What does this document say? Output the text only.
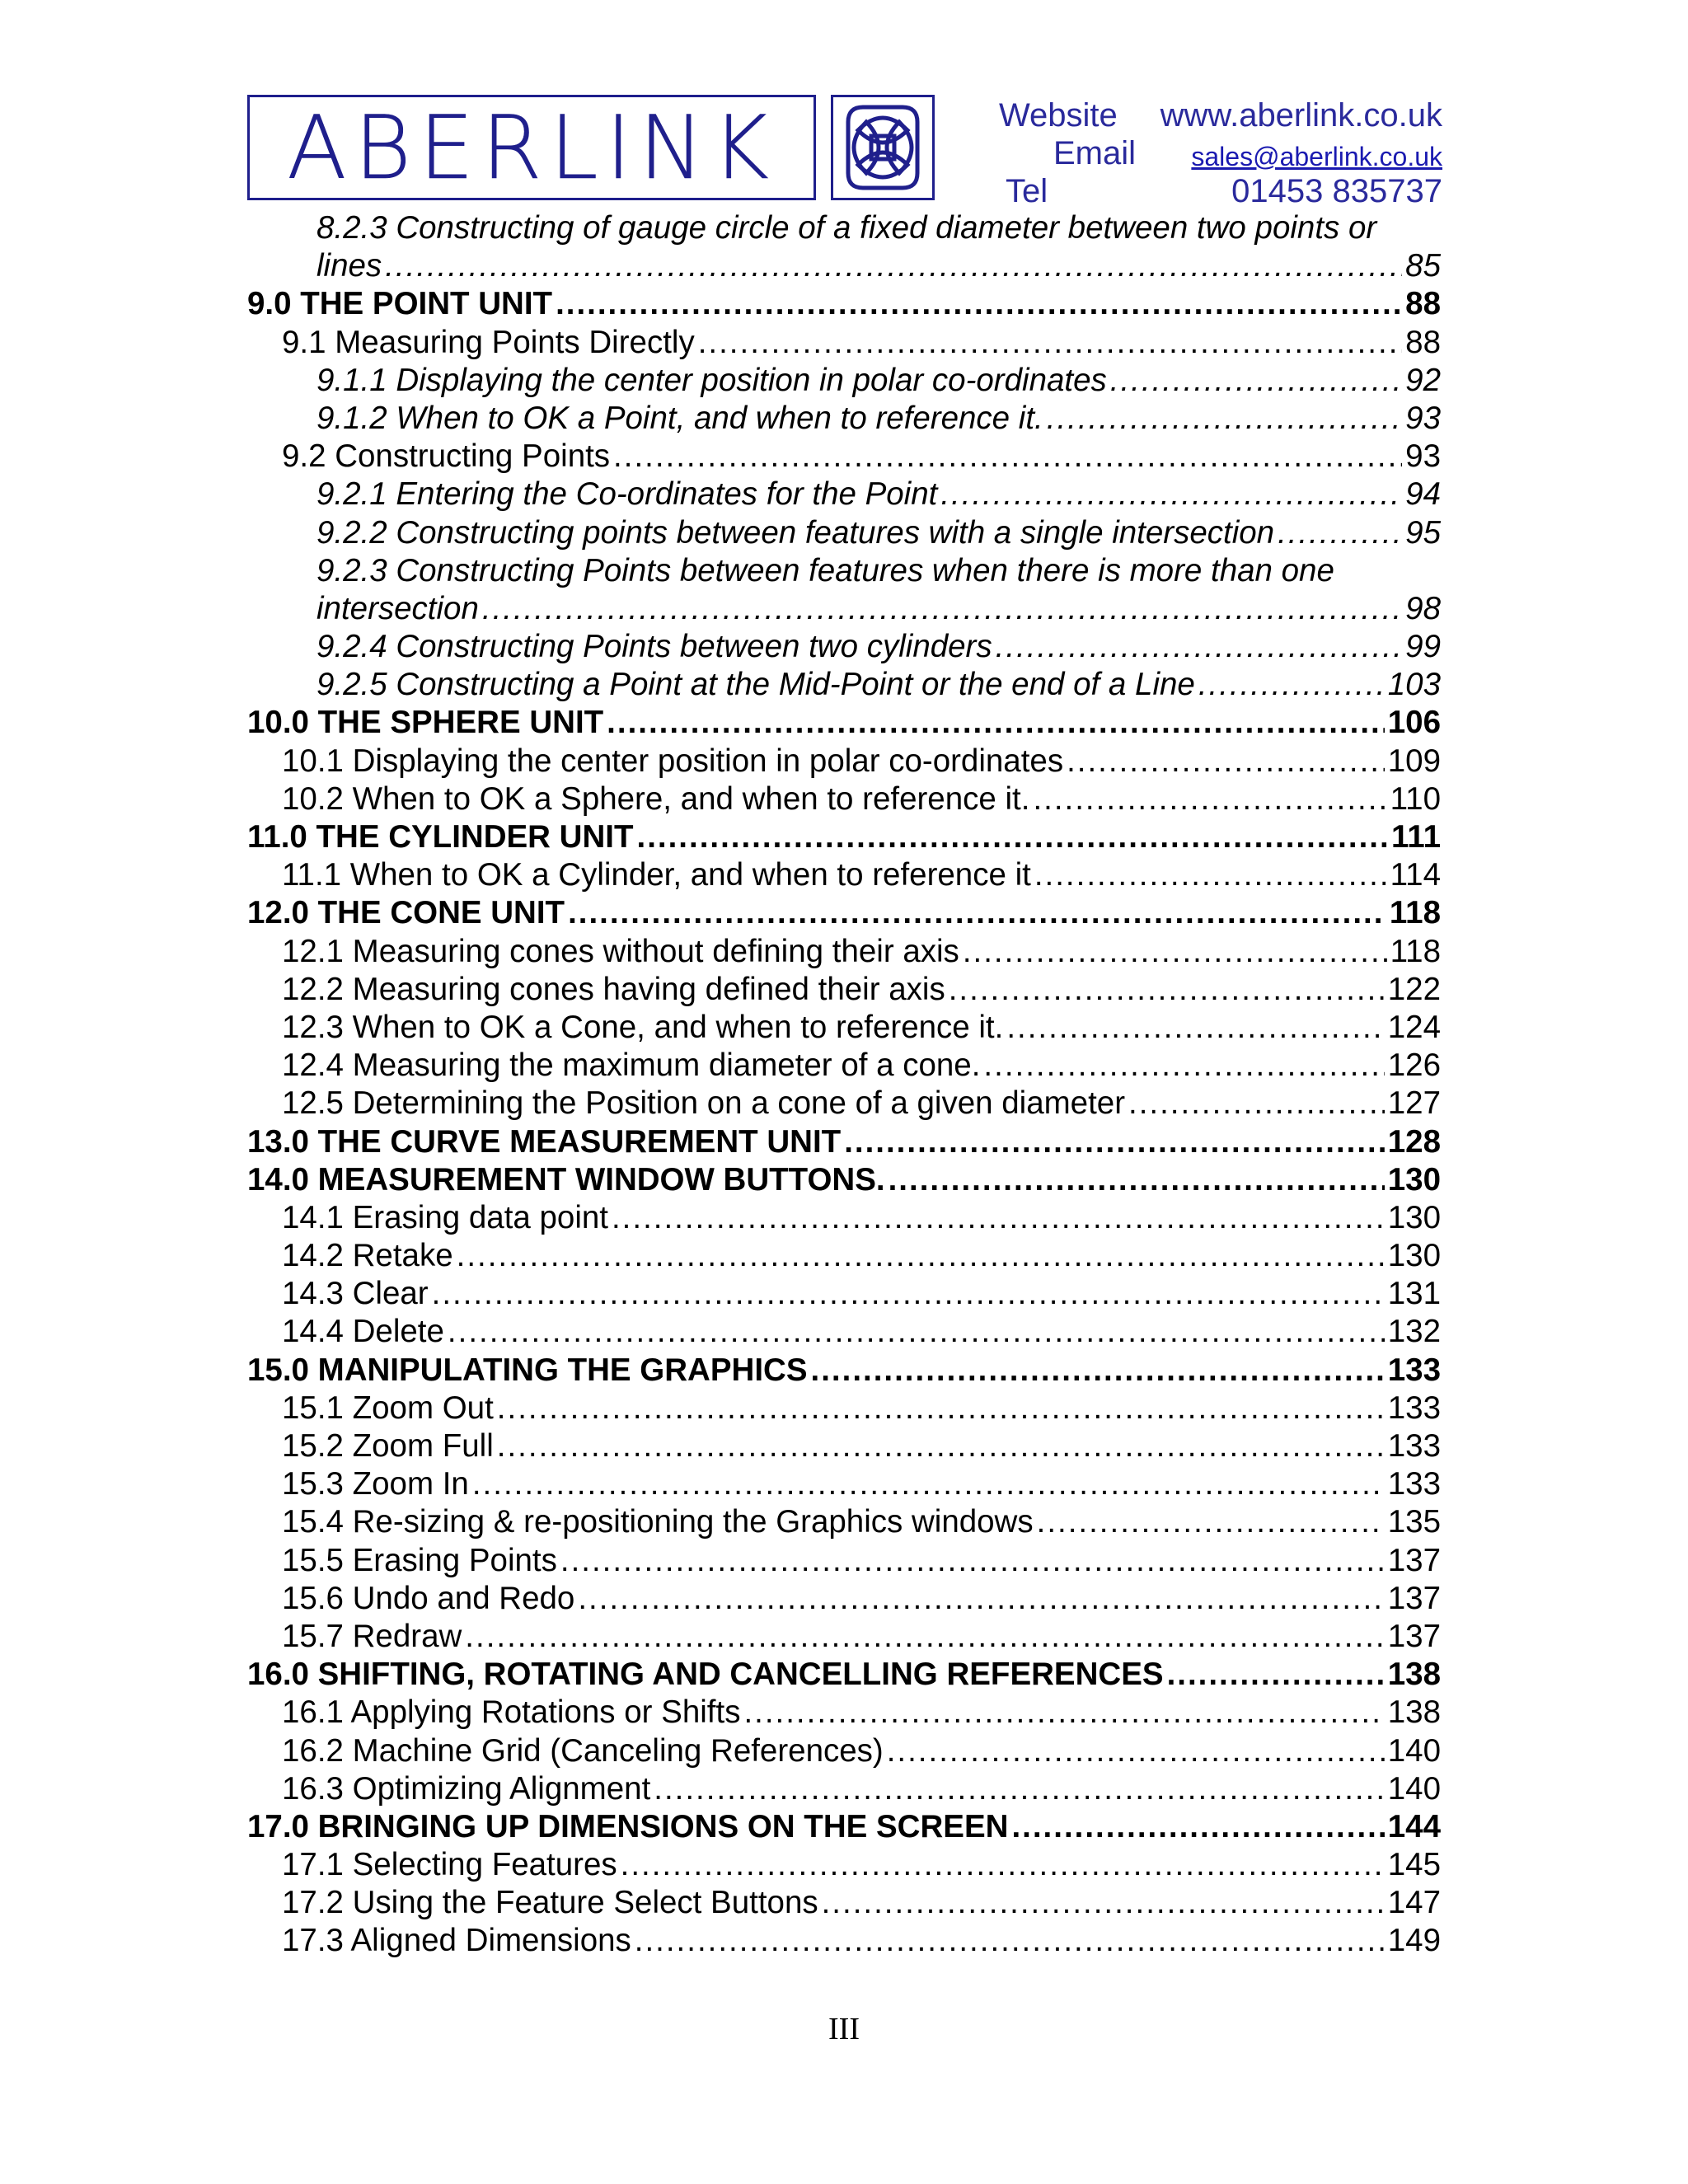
ABERLINK	Website www.aberlink.co.uk
Email sales@aberlink.co.uk
Tel	01453 835737
8.2.3 Constructing of gauge circle of a fixed diameter between two points or
lines .....	85
9.0 THE POINT UNIT .....	88
9.1 Measuring Points Directly .....	88
9.1.1 Displaying the center position in polar co-ordinates .....	92
9.1.2 When to OK a Point, and when to reference it. .....	93
9.2 Constructing Points .....	93
9.2.1 Entering the Co-ordinates for the Point .....	94
9.2.2 Constructing points between features with a single intersection .....	95
9.2.3 Constructing Points between features when there is more than one
intersection .....	98
9.2.4 Constructing Points between two cylinders .....	99
9.2.5 Constructing a Point at the Mid-Point or the end of a Line .....	103
10.0 THE SPHERE UNIT .....	106
10.1 Displaying the center position in polar co-ordinates .....	109
10.2 When to OK a Sphere, and when to reference it. .....	110
11.0 THE CYLINDER UNIT .....	111
11.1 When to OK a Cylinder, and when to reference it .....	114
12.0 THE CONE UNIT .....	118
12.1 Measuring cones without defining their axis .....	118
12.2 Measuring cones having defined their axis .....	122
12.3 When to OK a Cone, and when to reference it. .....	124
12.4 Measuring the maximum diameter of a cone. .....	126
12.5 Determining the Position on a cone of a given diameter .....	127
13.0 THE CURVE MEASUREMENT UNIT .....	128
14.0 MEASUREMENT WINDOW BUTTONS. .....	130
14.1 Erasing data point .....	130
14.2 Retake .....	130
14.3 Clear .....	131
14.4 Delete .....	132
15.0 MANIPULATING THE GRAPHICS .....	133
15.1 Zoom Out .....	133
15.2 Zoom Full .....	133
15.3 Zoom In .....	133
15.4 Re-sizing & re-positioning the Graphics windows .....	135
15.5 Erasing Points .....	137
15.6 Undo and Redo .....	137
15.7 Redraw .....	137
16.0 SHIFTING, ROTATING AND CANCELLING REFERENCES .....	138
16.1 Applying Rotations or Shifts .....	138
16.2 Machine Grid (Canceling References) .....	140
16.3 Optimizing Alignment .....	140
17.0 BRINGING UP DIMENSIONS ON THE SCREEN .....	144
17.1 Selecting Features .....	145
17.2 Using the Feature Select Buttons .....	147
17.3 Aligned Dimensions .....	149
III
